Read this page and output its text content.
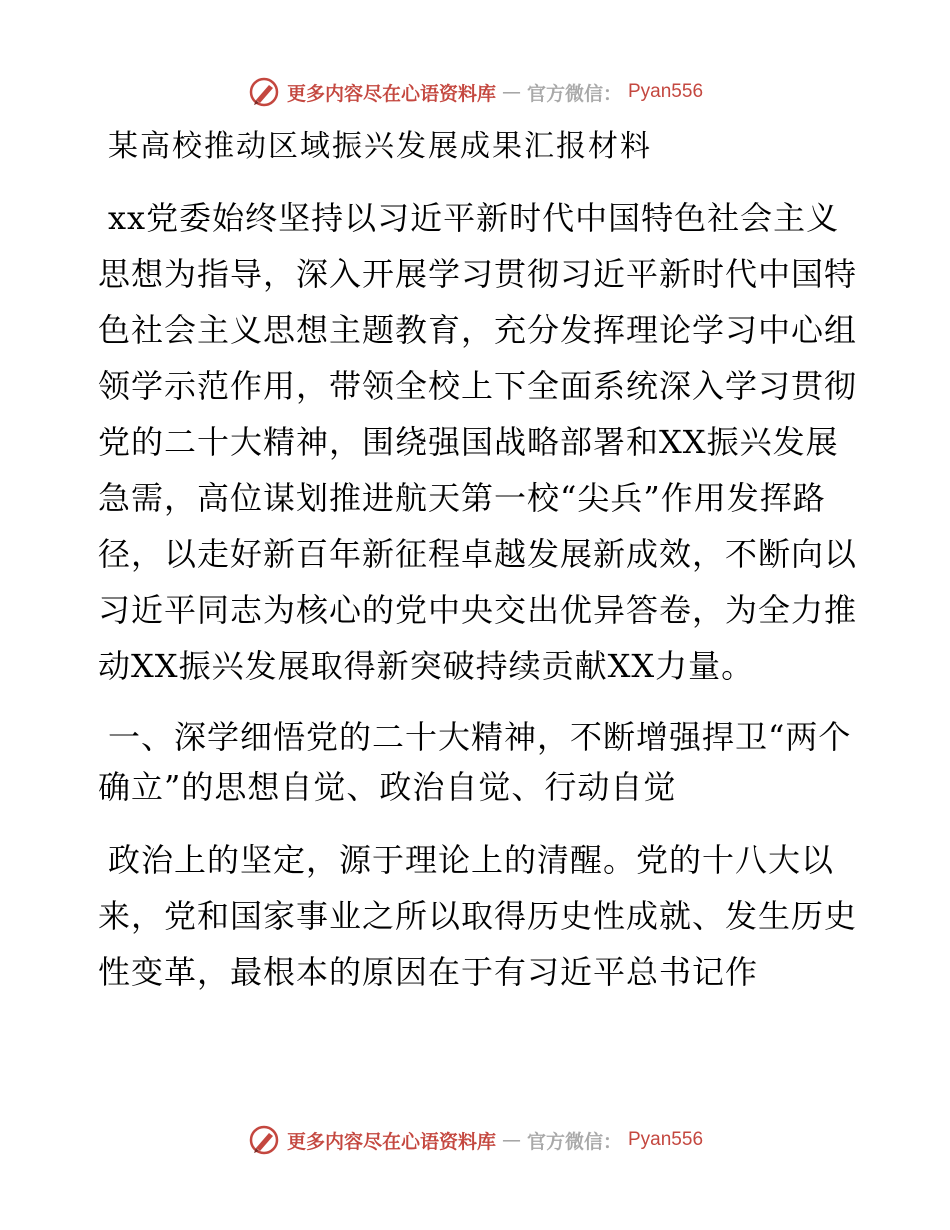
更多内容尽在心语资料库 — 官方微信： Pyan556
某高校推动区域振兴发展成果汇报材料

xx党委始终坚持以习近平新时代中国特色社会主义思想为指导，深入开展学习贯彻习近平新时代中国特色社会主义思想主题教育，充分发挥理论学习中心组领学示范作用，带领全校上下全面系统深入学习贯彻党的二十大精神，围绕强国战略部署和XX振兴发展急需，高位谋划推进航天第一校“尖兵”作用发挥路径，以走好新百年新征程卓越发展新成效，不断向以习近平同志为核心的党中央交出优异答卷，为全力推动XX振兴发展取得新突破持续贡献XX力量。

一、深学细悟党的二十大精神，不断增强捍卫“两个确立”的思想自觉、政治自觉、行动自觉

政治上的坚定，源于理论上的清醒。党的十八大以来，党和国家事业之所以取得历史性成就、发生历史性变革，最根本的原因在于有习近平总书记作

更多内容尽在心语资料库 — 官方微信： Pyan556
